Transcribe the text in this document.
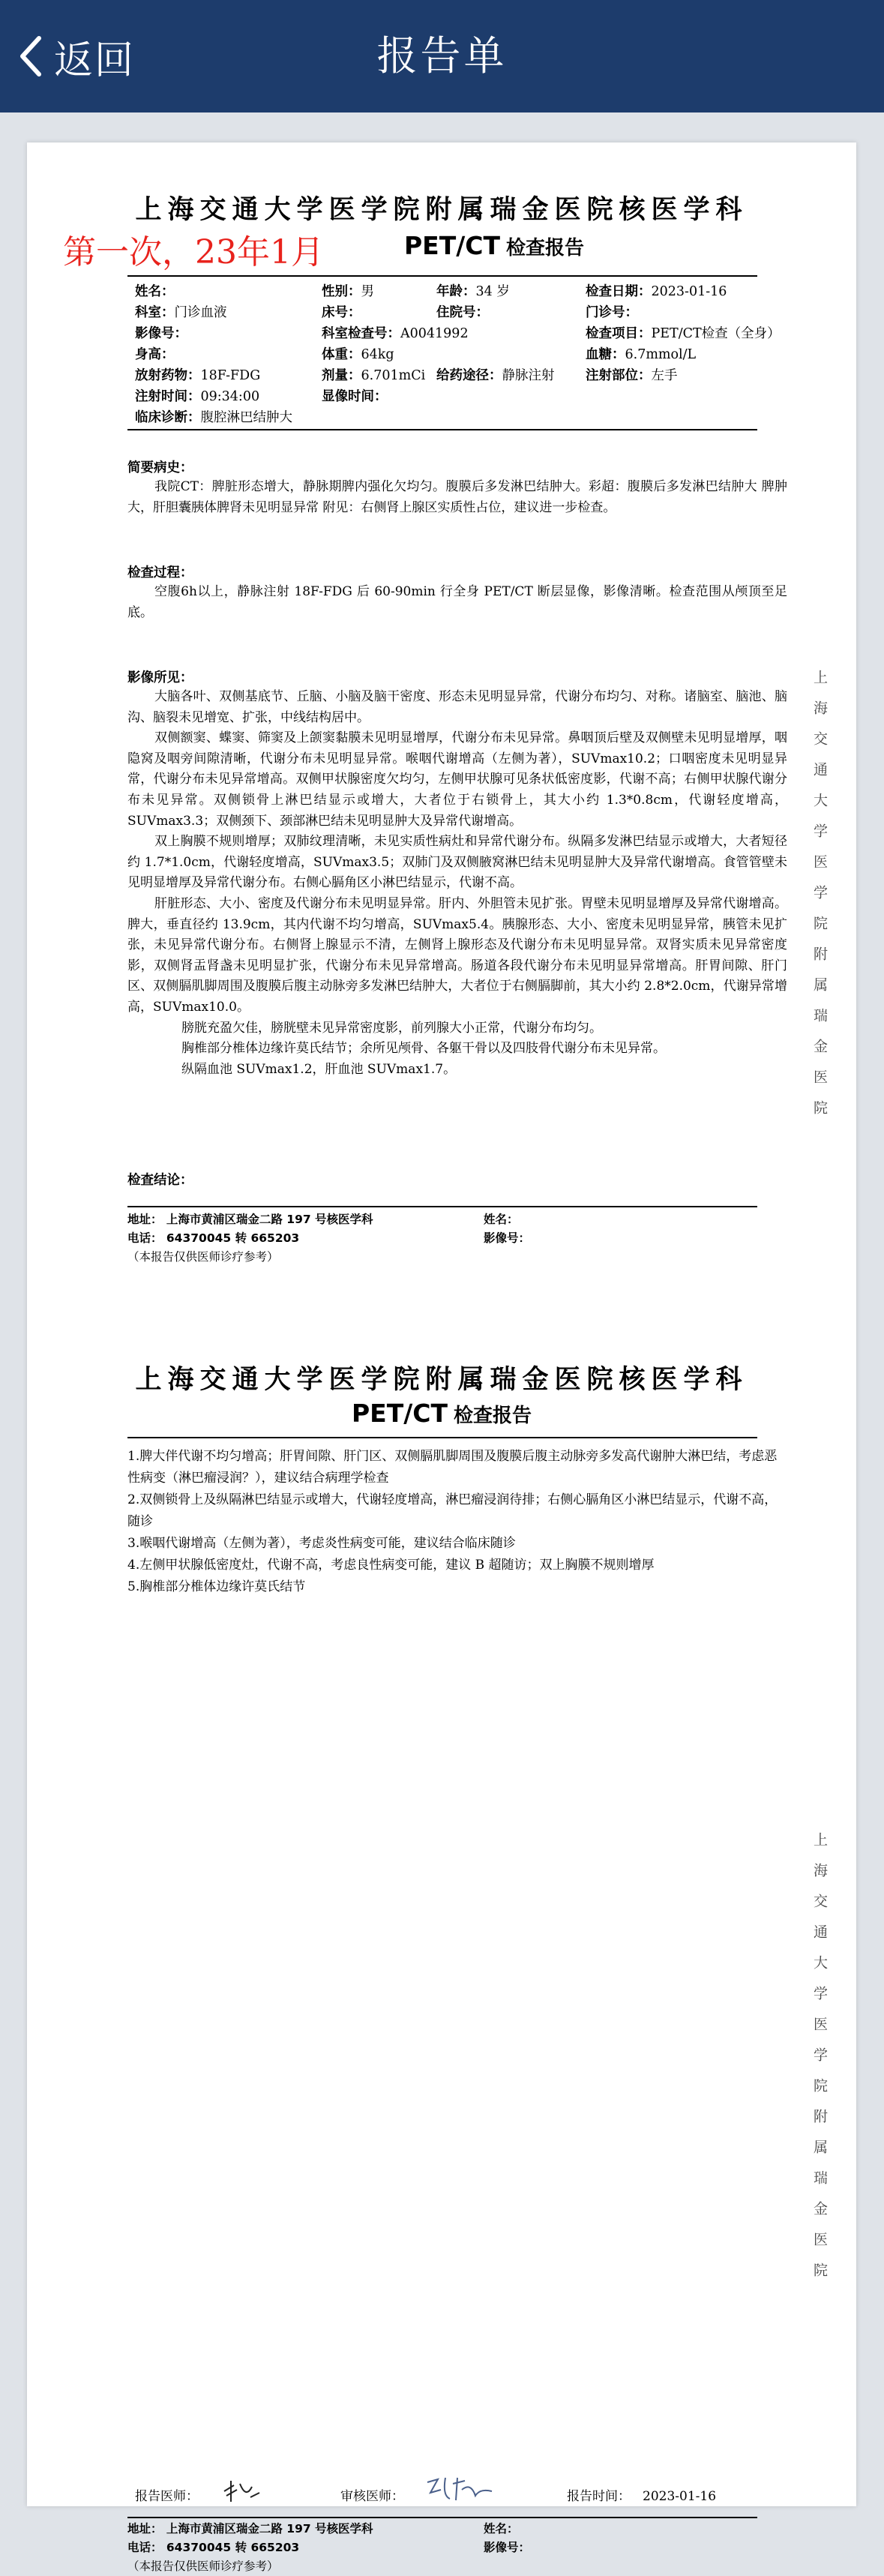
返回	报告单
上海交通大学医学院附属瑞金医院核医学科
第一次，23年1月	PET/CT 检查报告
姓名：	性别：男	年龄：34 岁	检查日期：2023-01-16
科室：门诊血液	床号：	住院号：	门诊号：
影像号：	科室检查号：A0041992	检查项目：PET/CT检查（全身）
身高：	体重：64kg	血糖：6.7mmol/L
放射药物：18F-FDG	剂量：6.701mCi 给药途径：静脉注射 注射部位：左手
注射时间：09:34:00	显像时间：
临床诊断：腹腔淋巴结肿大
简要病史：

我院CT：脾脏形态增大，静脉期脾内强化欠均匀。腹膜后多发淋巴结肿大。彩超：腹膜后多发淋巴结肿大 脾肿大，肝胆囊胰体脾肾未见明显异常 附见：右侧肾上腺区实质性占位，建议进一步检查。

检查过程：

空腹6h以上，静脉注射 18F-FDG 后 60-90min 行全身 PET/CT 断层显像，影像清晰。检查范围从颅顶至足底。

影像所见：

大脑各叶、双侧基底节、丘脑、小脑及脑干密度、形态未见明显异常，代谢分布均匀、对称。诸脑室、脑池、脑沟、脑裂未见增宽、扩张，中线结构居中。

双侧额窦、蝶窦、筛窦及上颌窦黏膜未见明显增厚，代谢分布未见异常。鼻咽顶后壁及双侧壁未见明显增厚，咽隐窝及咽旁间隙清晰，代谢分布未见明显异常。喉咽代谢增高（左侧为著），SUVmax10.2；口咽密度未见明显异常，代谢分布未见异常增高。双侧甲状腺密度欠均匀，左侧甲状腺可见条状低密度影，代谢不高；右侧甲状腺代谢分布未见异常。双侧锁骨上淋巴结显示或增大，大者位于右锁骨上，其大小约 1.3*0.8cm，代谢轻度增高，SUVmax3.3；双侧颈下、颈部淋巴结未见明显肿大及异常代谢增高。

双上胸膜不规则增厚；双肺纹理清晰，未见实质性病灶和异常代谢分布。纵隔多发淋巴结显示或增大，大者短径约 1.7*1.0cm，代谢轻度增高，SUVmax3.5；双肺门及双侧腋窝淋巴结未见明显肿大及异常代谢增高。食管管壁未见明显增厚及异常代谢分布。右侧心膈角区小淋巴结显示，代谢不高。

肝脏形态、大小、密度及代谢分布未见明显异常。肝内、外胆管未见扩张。胃壁未见明显增厚及异常代谢增高。脾大，垂直径约 13.9cm，其内代谢不均匀增高，SUVmax5.4。胰腺形态、大小、密度未见明显异常，胰管未见扩张，未见异常代谢分布。右侧肾上腺显示不清，左侧肾上腺形态及代谢分布未见明显异常。双肾实质未见异常密度影，双侧肾盂肾盏未见明显扩张，代谢分布未见异常增高。肠道各段代谢分布未见明显异常增高。肝胃间隙、肝门区、双侧膈肌脚周围及腹膜后腹主动脉旁多发淋巴结肿大，大者位于右侧膈脚前，其大小约 2.8*2.0cm，代谢异常增高，SUVmax10.0。

膀胱充盈欠佳，膀胱壁未见异常密度影，前列腺大小正常，代谢分布均匀。

胸椎部分椎体边缘许莫氏结节；余所见颅骨、各躯干骨以及四肢骨代谢分布未见异常。

纵隔血池 SUVmax1.2，肝血池 SUVmax1.7。

检查结论：
地址： 上海市黄浦区瑞金二路 197 号核医学科
电话： 64370045 转 665203
（本报告仅供医师诊疗参考）
姓名：
影像号：
上海交通大学医学院附属瑞金医院
上海交通大学医学院附属瑞金医院核医学科
PET/CT 检查报告
1.脾大伴代谢不均匀增高；肝胃间隙、肝门区、双侧膈肌脚周围及腹膜后腹主动脉旁多发高代谢肿大淋巴结，考虑恶性病变（淋巴瘤浸润？），建议结合病理学检查
2.双侧锁骨上及纵隔淋巴结显示或增大，代谢轻度增高，淋巴瘤浸润待排；右侧心膈角区小淋巴结显示，代谢不高，随诊
3.喉咽代谢增高（左侧为著），考虑炎性病变可能，建议结合临床随诊
4.左侧甲状腺低密度灶，代谢不高，考虑良性病变可能，建议 B 超随访；双上胸膜不规则增厚
5.胸椎部分椎体边缘许莫氏结节
上海交通大学医学院附属瑞金医院
报告医师：	审核医师：	报告时间： 2023-01-16
地址： 上海市黄浦区瑞金二路 197 号核医学科
电话： 64370045 转 665203
（本报告仅供医师诊疗参考）
姓名：
影像号：
